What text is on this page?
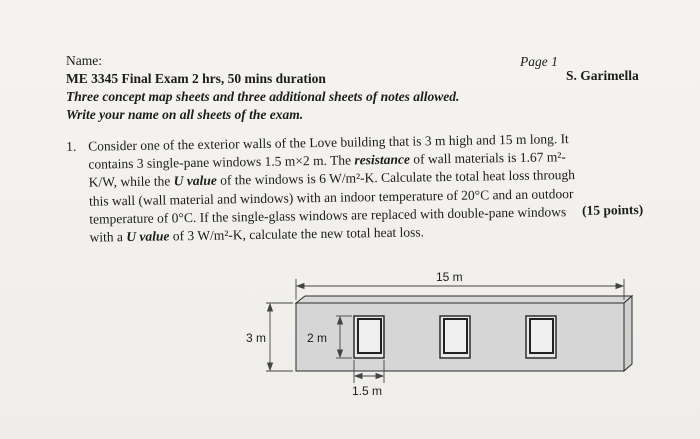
Name:
ME 3345 Final Exam 2 hrs, 50 mins duration
Three concept map sheets and three additional sheets of notes allowed.
Write your name on all sheets of the exam.
Page 1
S. Garimella
1. Consider one of the exterior walls of the Love building that is 3 m high and 15 m long. It
contains 3 single-pane windows 1.5 m×2 m. The resistance of wall materials is 1.67 m²-
K/W, while the U value of the windows is 6 W/m²-K. Calculate the total heat loss through
this wall (wall material and windows) with an indoor temperature of 20°C and an outdoor
temperature of 0°C. If the single-glass windows are replaced with double-pane windows
with a U value of 3 W/m²-K, calculate the new total heat loss.
(15 points)
15 m
3 m	2 m
1.5 m
